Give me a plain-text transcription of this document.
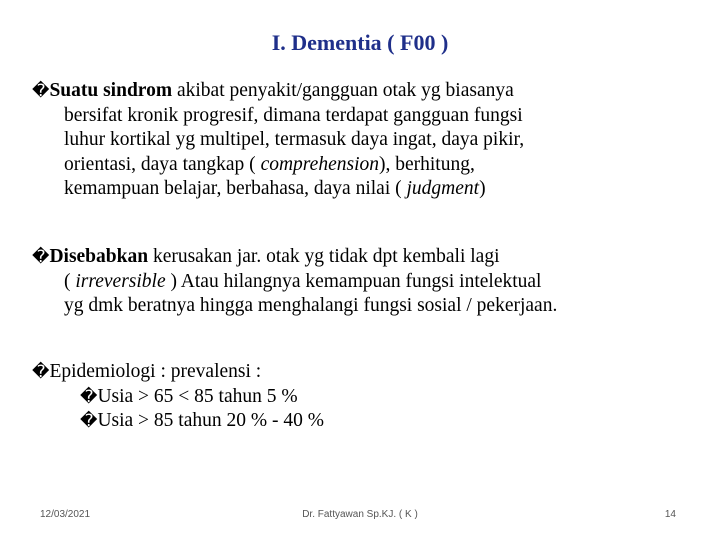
I. Dementia ( F00 )
�Suatu sindrom akibat penyakit/gangguan otak yg biasanya
bersifat kronik progresif, dimana terdapat gangguan fungsi
luhur kortikal yg multipel, termasuk daya ingat, daya pikir,
orientasi, daya tangkap ( comprehension), berhitung,
kemampuan belajar, berbahasa, daya nilai ( judgment)
�Disebabkan kerusakan jar. otak yg tidak dpt kembali lagi
( irreversible ) Atau hilangnya kemampuan fungsi intelektual
yg dmk beratnya hingga menghalangi fungsi sosial / pekerjaan.
�Epidemiologi : prevalensi :
�Usia > 65 < 85 tahun 5 %
�Usia > 85 tahun 20 % - 40 %
12/03/2021	Dr. Fattyawan Sp.KJ. ( K )	14
